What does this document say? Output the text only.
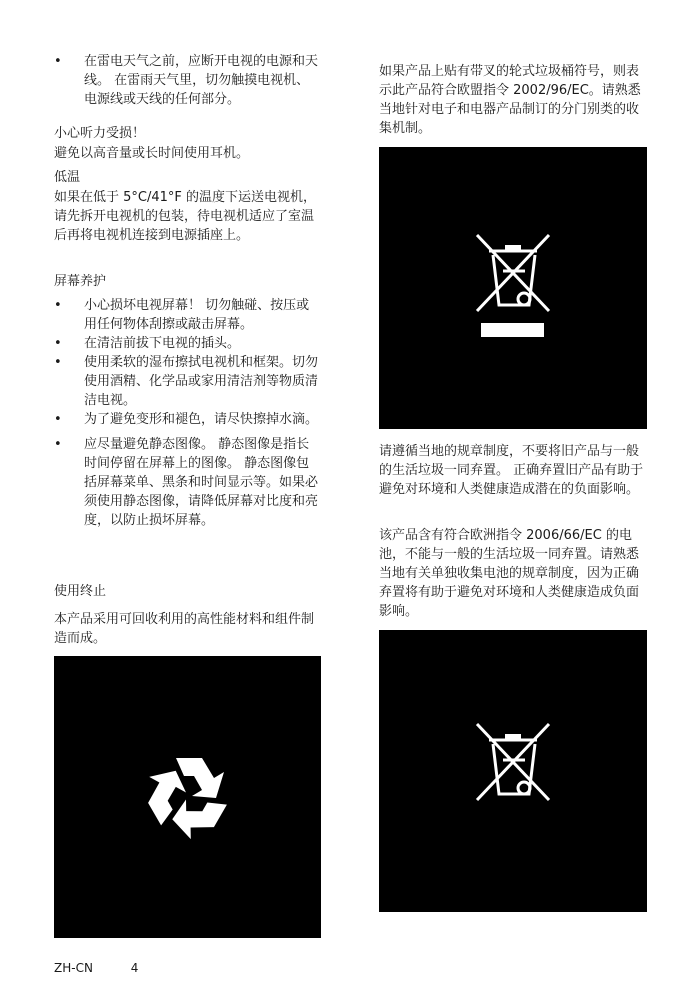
• 在雷电天气之前，应断开电视的电源和天线。 在雷雨天气里，切勿触摸电视机、电源线或天线的任何部分。

小心听力受损！

避免以高音量或长时间使用耳机。

低温

如果在低于 5°C/41°F 的温度下运送电视机，请先拆开电视机的包装，待电视机适应了室温后再将电视机连接到电源插座上。

屏幕养护

• 小心损坏电视屏幕！ 切勿触碰、按压或用任何物体刮擦或敲击屏幕。
• 在清洁前拔下电视的插头。
• 使用柔软的湿布擦拭电视机和框架。切勿使用酒精、化学品或家用清洁剂等物质清洁电视。
• 为了避免变形和褪色，请尽快擦掉水滴。
• 应尽量避免静态图像。 静态图像是指长时间停留在屏幕上的图像。 静态图像包括屏幕菜单、黑条和时间显示等。如果必须使用静态图像，请降低屏幕对比度和亮度，以防止损坏屏幕。

使用终止

本产品采用可回收利用的高性能材料和组件制造而成。

如果产品上贴有带叉的轮式垃圾桶符号，则表示此产品符合欧盟指令 2002/96/EC。请熟悉当地针对电子和电器产品制订的分门别类的收集机制。

请遵循当地的规章制度，不要将旧产品与一般的生活垃圾一同弃置。 正确弃置旧产品有助于避免对环境和人类健康造成潜在的负面影响。

该产品含有符合欧洲指令 2006/66/EC 的电池，不能与一般的生活垃圾一同弃置。请熟悉当地有关单独收集电池的规章制度，因为正确弃置将有助于避免对环境和人类健康造成负面影响。

ZH-CN	4
